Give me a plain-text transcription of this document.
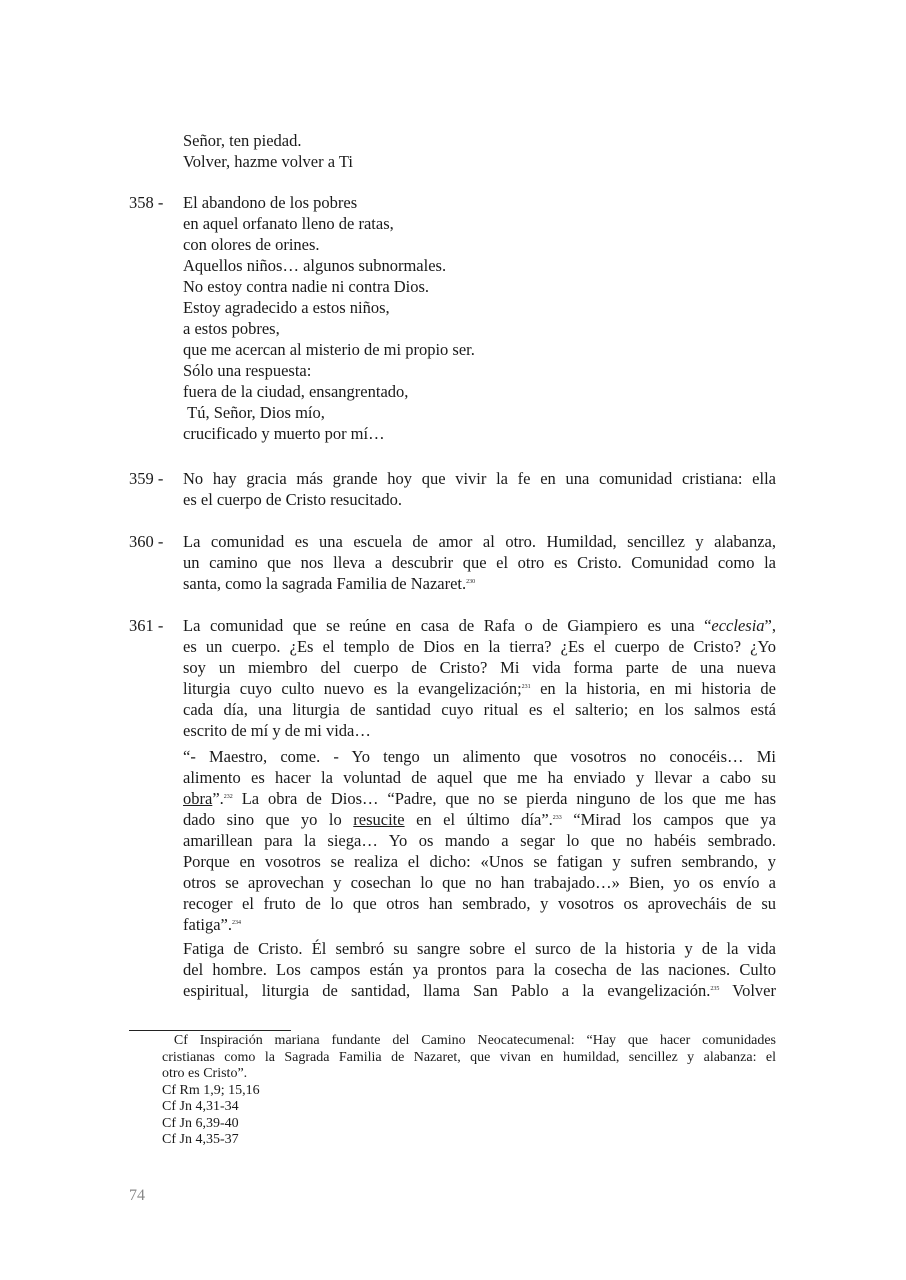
Señor, ten piedad.
Volver, hazme volver a Ti
358 - El abandono de los pobres
en aquel orfanato lleno de ratas,
con olores de orines.
Aquellos niños… algunos subnormales.
No estoy contra nadie ni contra Dios.
Estoy agradecido a estos niños,
a estos pobres,
que me acercan al misterio de mi propio ser.
Sólo una respuesta:
fuera de la ciudad, ensangrentado,
Tú, Señor, Dios mío,
crucificado y muerto por mí…
359 - No hay gracia más grande hoy que vivir la fe en una comunidad cristiana: ella
es el cuerpo de Cristo resucitado.
360 - La comunidad es una escuela de amor al otro. Humildad, sencillez y alabanza,
un camino que nos lleva a descubrir que el otro es Cristo. Comunidad como la
santa, como la sagrada Familia de Nazaret.$^{230}$
361 - La comunidad que se reúne en casa de Rafa o de Giampiero es una “ecclesia”,
es un cuerpo. ¿Es el templo de Dios en la tierra? ¿Es el cuerpo de Cristo? ¿Yo
soy un miembro del cuerpo de Cristo? Mi vida forma parte de una nueva
liturgia cuyo culto nuevo es la evangelización;$^{231}$ en la historia, en mi historia de
cada día, una liturgia de santidad cuyo ritual es el salterio; en los salmos está
escrito de mí y de mi vida…
“- Maestro, come. - Yo tengo un alimento que vosotros no conocéis… Mi
alimento es hacer la voluntad de aquel que me ha enviado y llevar a cabo su
obra”.$^{232}$ La obra de Dios… “Padre, que no se pierda ninguno de los que me has
dado sino que yo lo resucite en el último día”.$^{233}$ “Mirad los campos que ya
amarillean para la siega… Yo os mando a segar lo que no habéis sembrado.
Porque en vosotros se realiza el dicho: «Unos se fatigan y sufren sembrando, y
otros se aprovechan y cosechan lo que no han trabajado…» Bien, yo os envío a
recoger el fruto de lo que otros han sembrado, y vosotros os aprovecháis de su
fatiga”.$^{234}$
Fatiga de Cristo. Él sembró su sangre sobre el surco de la historia y de la vida
del hombre. Los campos están ya prontos para la cosecha de las naciones. Culto
espiritual, liturgia de santidad, llama San Pablo a la evangelización.$^{235}$ Volver
Cf Inspiración mariana fundante del Camino Neocatecumenal: “Hay que hacer comunidades
cristianas como la Sagrada Familia de Nazaret, que vivan en humildad, sencillez y alabanza: el
otro es Cristo”.
Cf Rm 1,9; 15,16
Cf Jn 4,31-34
Cf Jn 6,39-40
Cf Jn 4,35-37
74
